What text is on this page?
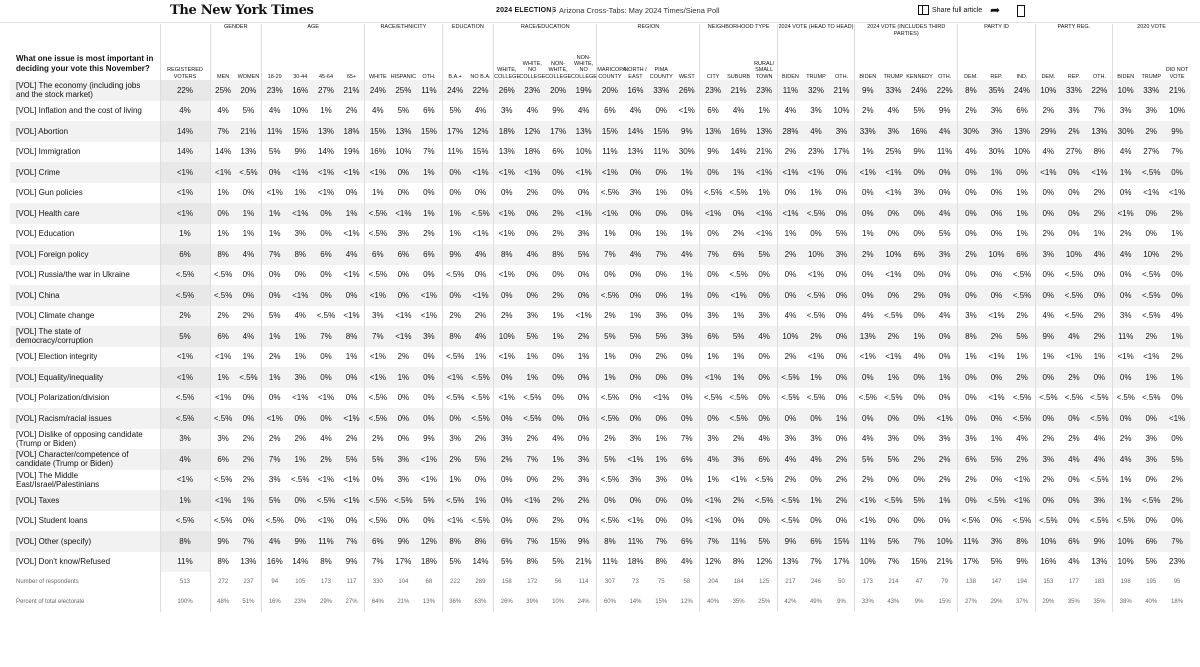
The New York Times	2024 ELECTIONS Arizona Cross-Tabs: May 2024 Times/Siena Poll	Share full article ➦
		GENDER		AGE				RACE/ETHNICITY			EDUCATION		RACE/EDUCATION				REGION				NEIGHBORHOOD TYPE			2024 VOTE (HEAD TO HEAD)			2024 VOTE (INCLUDES THIRD PARTIES)				PARTY ID			PARTY REG.			2020 VOTE		
What one issue is most important in deciding your vote this November?	REGISTERED VOTERS	MEN	WOMEN	18-29	30-44	45-64	65+	WHITE	HISPANIC	OTH.	B.A.+	NO B.A.	WHITE, COLLEGE	WHITE, NO COLLEGE	NON-WHITE, COLLEGE	NON-WHITE, NO COLLEGE	MARICOPA COUNTY	NORTH / EAST	PIMA COUNTY	WEST	CITY	SUBURB	RURAL/ SMALL TOWN	BIDEN	TRUMP	OTH.	BIDEN	TRUMP	KENNEDY	OTH.	DEM.	REP.	IND.	DEM.	REP.	OTH.	BIDEN	TRUMP	DID NOT VOTE
[VOL] The economy (including jobs and the stock market)	22%	25%	20%	23%	16%	27%	21%	24%	25%	11%	24%	22%	26%	23%	20%	19%	20%	16%	33%	26%	23%	21%	23%	11%	32%	21%	9%	33%	24%	22%	8%	35%	24%	10%	33%	22%	10%	33%	21%
[VOL] Inflation and the cost of living	4%	4%	5%	4%	10%	1%	2%	4%	5%	6%	5%	4%	3%	4%	9%	4%	6%	4%	0%	<1%	6%	4%	1%	4%	3%	10%	2%	4%	5%	9%	2%	3%	6%	2%	3%	7%	3%	3%	10%
[VOL] Abortion	14%	7%	21%	11%	15%	13%	18%	15%	13%	15%	17%	12%	18%	12%	17%	13%	15%	14%	15%	9%	13%	16%	13%	28%	4%	3%	33%	3%	16%	4%	30%	3%	13%	29%	2%	13%	30%	2%	9%
[VOL] Immigration	14%	14%	13%	5%	9%	14%	19%	16%	10%	7%	11%	15%	13%	18%	6%	10%	11%	13%	11%	30%	9%	14%	21%	2%	23%	17%	1%	25%	9%	11%	4%	30%	10%	4%	27%	8%	4%	27%	7%
[VOL] Crime	<1%	<1%	<.5%	0%	<1%	<1%	<1%	<1%	0%	1%	0%	<1%	<1%	<1%	0%	<1%	<1%	0%	0%	1%	0%	1%	<1%	<1%	<1%	0%	<1%	<1%	0%	0%	0%	1%	0%	<1%	0%	<1%	1%	<.5%	0%
[VOL] Gun policies	<1%	1%	0%	<1%	1%	<1%	0%	1%	0%	0%	0%	0%	0%	2%	0%	0%	<.5%	3%	1%	0%	<.5%	<.5%	1%	0%	1%	0%	0%	<1%	3%	0%	0%	0%	1%	0%	0%	2%	0%	<1%	<1%
[VOL] Health care	<1%	0%	1%	1%	<1%	0%	1%	<.5%	<1%	1%	1%	<.5%	<1%	0%	2%	<1%	<1%	0%	0%	0%	<1%	0%	<1%	<1%	<.5%	0%	0%	0%	0%	4%	0%	0%	1%	0%	0%	2%	<1%	0%	2%
[VOL] Education	1%	1%	1%	1%	3%	0%	<1%	<.5%	3%	2%	1%	<1%	<1%	0%	2%	3%	1%	0%	1%	1%	0%	2%	<1%	1%	0%	5%	1%	0%	0%	5%	0%	0%	1%	2%	0%	1%	2%	0%	1%
[VOL] Foreign policy	6%	8%	4%	7%	8%	6%	4%	6%	6%	6%	9%	4%	8%	4%	8%	5%	7%	4%	7%	4%	7%	6%	5%	2%	10%	3%	2%	10%	6%	3%	2%	10%	6%	3%	10%	4%	4%	10%	2%
[VOL] Russia/the war in Ukraine	<.5%	<.5%	0%	0%	0%	0%	<1%	<.5%	0%	0%	<.5%	0%	<1%	0%	0%	0%	0%	0%	0%	1%	0%	<.5%	0%	0%	<1%	0%	0%	<1%	0%	0%	0%	0%	<.5%	0%	<.5%	0%	0%	<.5%	0%
[VOL] China	<.5%	<.5%	0%	0%	<1%	0%	0%	<1%	0%	<1%	0%	<1%	0%	0%	2%	0%	<.5%	0%	0%	1%	0%	<1%	0%	0%	<.5%	0%	0%	0%	2%	0%	0%	0%	<.5%	0%	<.5%	0%	0%	<.5%	0%
[VOL] Climate change	2%	2%	2%	5%	4%	<.5%	<1%	3%	<1%	<1%	2%	2%	2%	3%	1%	<1%	2%	1%	3%	0%	3%	1%	3%	4%	<.5%	0%	4%	<.5%	0%	4%	3%	<1%	2%	4%	<.5%	2%	3%	<.5%	4%
[VOL] The state of democracy/corruption	5%	6%	4%	1%	1%	7%	8%	7%	<1%	3%	8%	4%	10%	5%	1%	2%	5%	5%	5%	3%	6%	5%	4%	10%	2%	0%	13%	2%	1%	0%	8%	2%	5%	9%	4%	2%	11%	2%	1%
[VOL] Election integrity	<1%	<1%	1%	2%	1%	0%	1%	<1%	2%	0%	<.5%	1%	<1%	1%	0%	1%	1%	0%	2%	0%	1%	1%	0%	2%	<1%	0%	<1%	<1%	4%	0%	1%	<1%	1%	1%	<1%	1%	<1%	<1%	2%
[VOL] Equality/inequality	<1%	1%	<.5%	1%	3%	0%	0%	<1%	1%	0%	<1%	<.5%	0%	1%	0%	0%	1%	0%	0%	0%	<1%	1%	0%	<.5%	1%	0%	0%	1%	0%	1%	0%	0%	2%	0%	2%	0%	0%	1%	1%
[VOL] Polarization/division	<.5%	<1%	0%	0%	<1%	<1%	0%	<.5%	0%	0%	<.5%	<.5%	<1%	<.5%	0%	0%	<.5%	0%	<1%	0%	<.5%	<.5%	0%	<.5%	<.5%	0%	<.5%	<.5%	0%	0%	0%	<1%	<.5%	<.5%	<.5%	<.5%	<.5%	<.5%	0%
[VOL] Racism/racial issues	<.5%	<.5%	0%	<1%	0%	0%	<1%	<.5%	0%	0%	0%	<.5%	0%	<.5%	0%	0%	<.5%	0%	0%	0%	0%	<.5%	0%	0%	0%	1%	0%	0%	0%	<1%	0%	0%	<.5%	0%	0%	<.5%	0%	0%	<1%
[VOL] Dislike of opposing candidate (Trump or Biden)	3%	3%	2%	2%	2%	4%	2%	2%	0%	9%	3%	2%	3%	2%	4%	0%	2%	3%	1%	7%	3%	2%	4%	3%	3%	0%	4%	3%	0%	3%	3%	1%	4%	2%	2%	4%	2%	3%	0%
[VOL] Character/competence of candidate (Trump or Biden)	4%	6%	2%	7%	1%	2%	5%	5%	3%	<1%	2%	5%	2%	7%	1%	3%	5%	<1%	1%	6%	4%	3%	6%	4%	4%	2%	5%	5%	2%	2%	6%	5%	2%	3%	4%	4%	4%	3%	5%
[VOL] The Middle East/Israel/Palestinians	<1%	<.5%	2%	3%	<.5%	<1%	<1%	0%	3%	<1%	1%	0%	0%	0%	2%	3%	<.5%	3%	3%	0%	1%	<1%	<.5%	2%	0%	2%	2%	0%	0%	2%	2%	0%	<1%	2%	0%	<.5%	1%	0%	2%
[VOL] Taxes	1%	<1%	1%	5%	0%	<.5%	<1%	<.5%	<.5%	5%	<.5%	1%	0%	<1%	2%	2%	0%	0%	0%	0%	<1%	2%	<.5%	<.5%	1%	2%	<1%	<.5%	5%	1%	0%	<.5%	<1%	0%	0%	3%	1%	<.5%	2%
[VOL] Student loans	<.5%	<.5%	0%	<.5%	0%	<1%	0%	<.5%	0%	0%	<1%	<.5%	0%	0%	2%	0%	<.5%	<1%	0%	0%	<1%	0%	0%	<.5%	0%	0%	<1%	0%	0%	0%	<.5%	0%	<.5%	<.5%	0%	<.5%	<.5%	0%	0%
[VOL] Other (specify)	8%	9%	7%	4%	9%	11%	7%	6%	9%	12%	8%	8%	6%	7%	15%	9%	8%	11%	7%	6%	7%	11%	5%	9%	6%	15%	11%	5%	7%	10%	11%	3%	8%	10%	6%	9%	10%	6%	7%
[VOL] Don't know/Refused	11%	8%	13%	16%	14%	8%	9%	7%	17%	18%	5%	14%	5%	8%	5%	21%	11%	18%	8%	4%	12%	8%	12%	13%	7%	17%	10%	7%	15%	21%	17%	5%	9%	16%	4%	13%	10%	5%	23%
Number of respondents	513	272	237	94	105	173	117	330	104	68	222	289	158	172	56	114	307	73	75	58	204	184	125	217	246	50	173	214	47	79	138	147	194	153	177	183	198	195	95
Percent of total electorate	100%	48%	51%	16%	23%	29%	27%	64%	21%	13%	36%	63%	26%	39%	10%	24%	60%	14%	15%	12%	40%	35%	25%	42%	49%	9%	33%	43%	9%	15%	27%	29%	37%	29%	35%	35%	38%	40%	18%
